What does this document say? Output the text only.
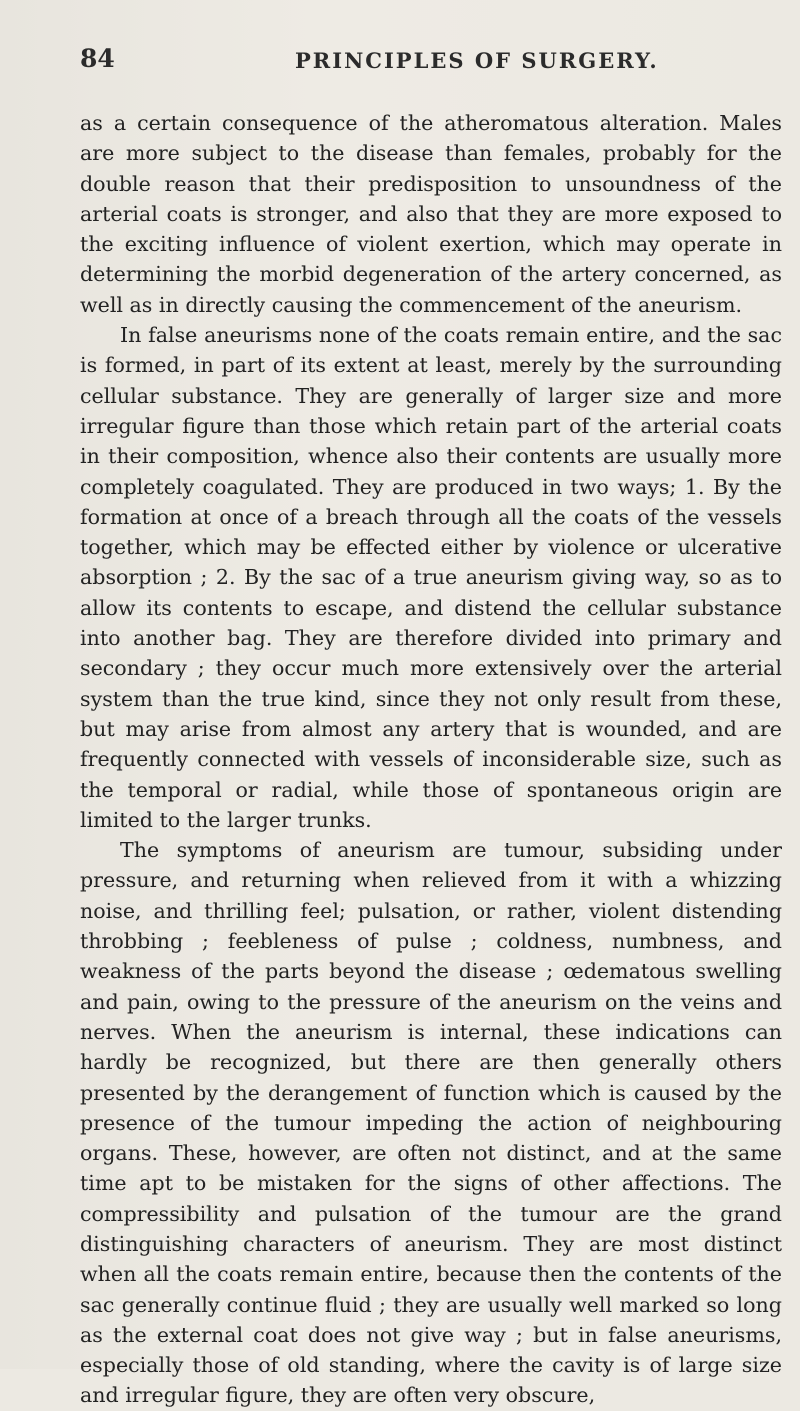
84	PRINCIPLES OF SURGERY.

as a certain consequence of the atheromatous alteration. Males are more subject to the disease than females, probably for the double reason that their predisposition to unsoundness of the arterial coats is stronger, and also that they are more exposed to the exciting influence of violent exertion, which may operate in determining the morbid degeneration of the artery concerned, as well as in directly causing the commencement of the aneurism.

In false aneurisms none of the coats remain entire, and the sac is formed, in part of its extent at least, merely by the surrounding cellular substance. They are generally of larger size and more irregular figure than those which retain part of the arterial coats in their composition, whence also their contents are usually more completely coagulated. They are produced in two ways; 1. By the formation at once of a breach through all the coats of the vessels together, which may be effected either by violence or ulcerative absorption ; 2. By the sac of a true aneurism giving way, so as to allow its contents to escape, and distend the cellular substance into another bag. They are therefore divided into primary and secondary ; they occur much more extensively over the arterial system than the true kind, since they not only result from these, but may arise from almost any artery that is wounded, and are frequently connected with vessels of inconsiderable size, such as the temporal or radial, while those of spontaneous origin are limited to the larger trunks.

The symptoms of aneurism are tumour, subsiding under pressure, and returning when relieved from it with a whizzing noise, and thrilling feel; pulsation, or rather, violent distending throbbing ; feebleness of pulse ; coldness, numbness, and weakness of the parts beyond the disease ; œdematous swelling and pain, owing to the pressure of the aneurism on the veins and nerves. When the aneurism is internal, these indications can hardly be recognized, but there are then generally others presented by the derangement of function which is caused by the presence of the tumour impeding the action of neighbouring organs. These, however, are often not distinct, and at the same time apt to be mistaken for the signs of other affections. The compressibility and pulsation of the tumour are the grand distinguishing characters of aneurism. They are most distinct when all the coats remain entire, because then the contents of the sac generally continue fluid ; they are usually well marked so long as the external coat does not give way ; but in false aneurisms, especially those of old standing, where the cavity is of large size and irregular figure, they are often very obscure,
